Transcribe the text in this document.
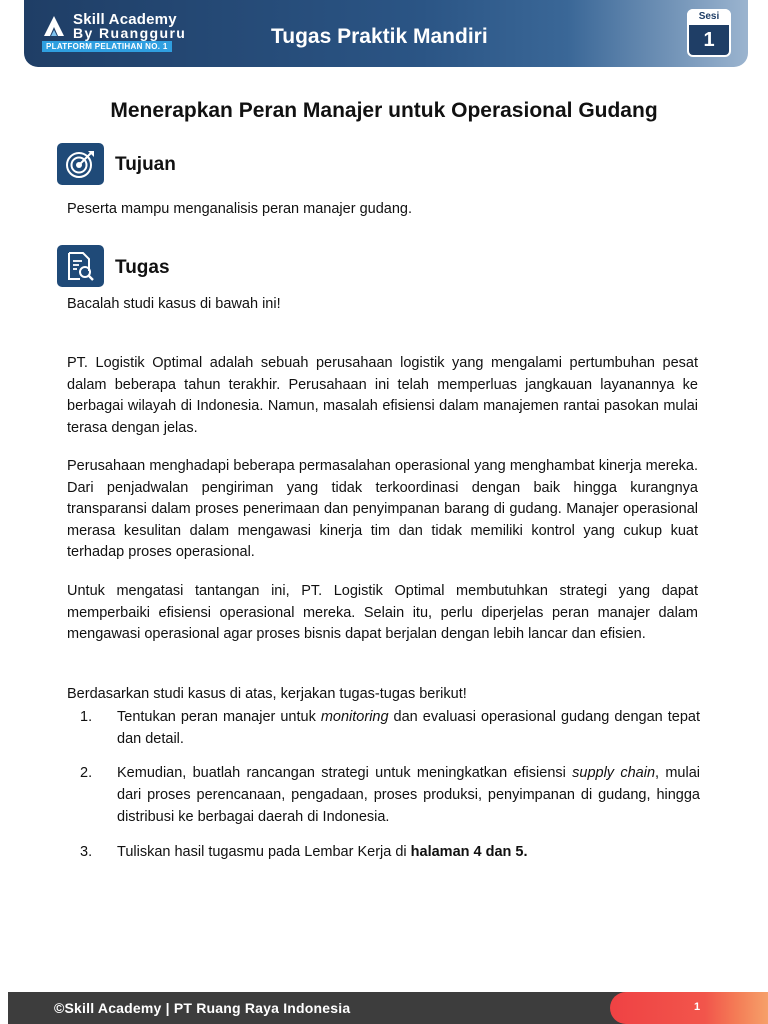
Skill Academy
By Ruangguru
PLATFORM PELATIHAN NO. 1	Tugas Praktik Mandiri
Sesi
1
Menerapkan Peran Manajer untuk Operasional Gudang
Tujuan
Peserta mampu menganalisis peran manajer gudang.
Tugas
Bacalah studi kasus di bawah ini!
PT. Logistik Optimal adalah sebuah perusahaan logistik yang mengalami pertumbuhan pesat dalam beberapa tahun terakhir. Perusahaan ini telah memperluas jangkauan layanannya ke berbagai wilayah di Indonesia. Namun, masalah efisiensi dalam manajemen rantai pasokan mulai terasa dengan jelas.
Perusahaan menghadapi beberapa permasalahan operasional yang menghambat kinerja mereka. Dari penjadwalan pengiriman yang tidak terkoordinasi dengan baik hingga kurangnya transparansi dalam proses penerimaan dan penyimpanan barang di gudang. Manajer operasional merasa kesulitan dalam mengawasi kinerja tim dan tidak memiliki kontrol yang cukup kuat terhadap proses operasional.
Untuk mengatasi tantangan ini, PT. Logistik Optimal membutuhkan strategi yang dapat memperbaiki efisiensi operasional mereka. Selain itu, perlu diperjelas peran manajer dalam mengawasi operasional agar proses bisnis dapat berjalan dengan lebih lancar dan efisien.
Berdasarkan studi kasus di atas, kerjakan tugas-tugas berikut!
1. Tentukan peran manajer untuk monitoring dan evaluasi operasional gudang dengan tepat dan detail.
2. Kemudian, buatlah rancangan strategi untuk meningkatkan efisiensi supply chain, mulai dari proses perencanaan, pengadaan, proses produksi, penyimpanan di gudang, hingga distribusi ke berbagai daerah di Indonesia.
3. Tuliskan hasil tugasmu pada Lembar Kerja di halaman 4 dan 5.
©Skill Academy | PT Ruang Raya Indonesia	1
